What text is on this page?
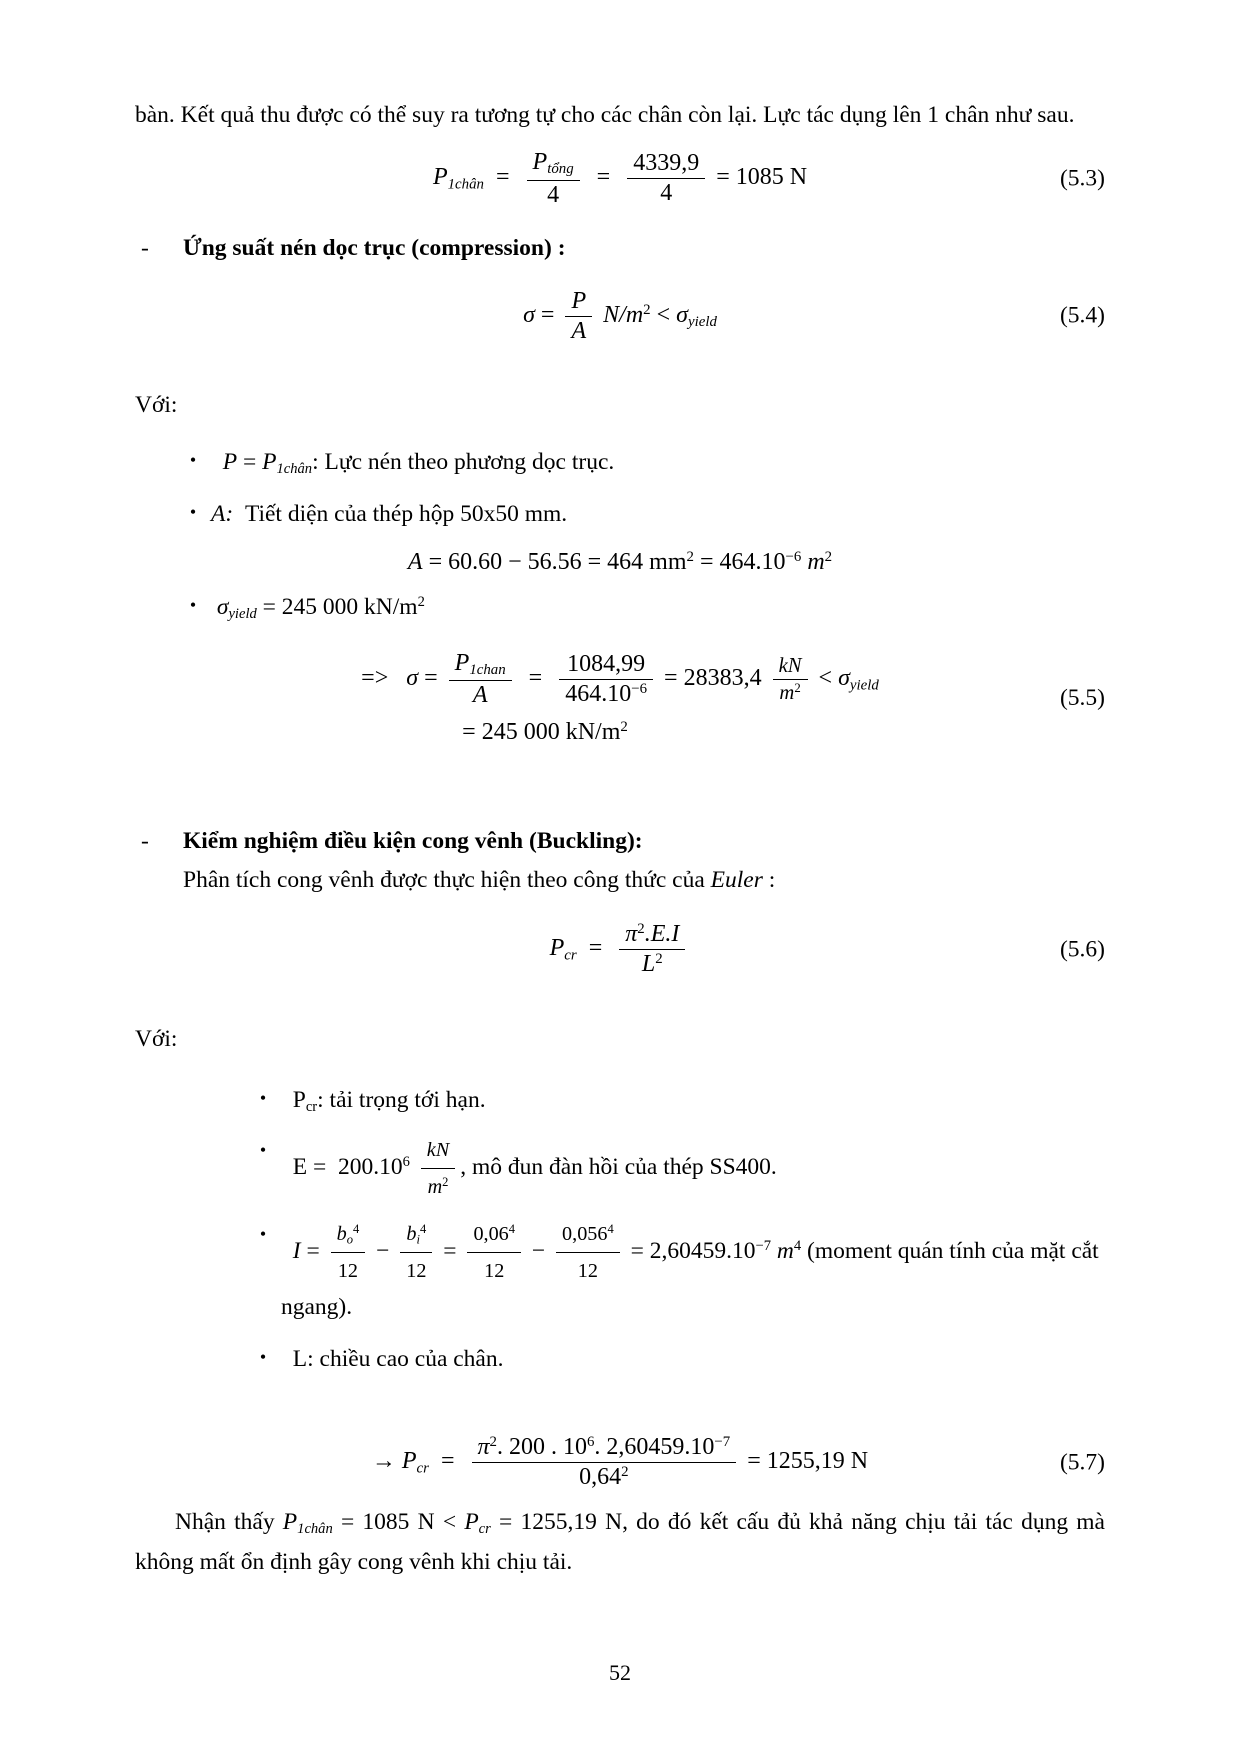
bàn. Kết quả thu được có thể suy ra tương tự cho các chân còn lại. Lực tác dụng lên 1 chân như sau.

$P_{1chân} = \frac{P_{tổng}}{4} = \frac{4339,9}{4} = 1085$ N	(5.3)
-	Ứng suất nén dọc trục (compression) :
$\sigma = \frac{P}{A} N/m^2 < \sigma_{yield}$	(5.4)

Với:

•	$P = P_{1chân}$: Lực nén theo phương dọc trục.
• A: Tiết diện của thép hộp 50x50 mm.
A = 60.60 − 56.56 = 464 $mm^2 = 464.10^{-6}$ $m^2$
• $\sigma_{yield} = 245$ 000 $kN/m^2$
=> $\sigma = \frac{P_{1chan}}{A} = \frac{1084,99}{464.10^{-6}} = 28383,4 \frac{kN}{m^2} < \sigma_{yield}$
= 245 000 $kN/m^2$
(5.5)
-	Kiểm nghiệm điều kiện cong vênh (Buckling):
Phân tích cong vênh được thực hiện theo công thức của Euler :
$P_{cr} = \frac{\pi^2.E.I}{L^2}$	(5.6)

Với:

•	$P_{cr}$: tải trọng tới hạn.
•
$E = 200.10^6 \frac{kN}{m^2}$ , mô đun đàn hồi của thép SS400.
•
$I = \frac{b_o^4}{12} - \frac{b_i^4}{12} = \frac{0,06^4}{12} - \frac{0,056^4}{12} = 2,60459.10^{-7}$ $m^4$ (moment quán tính của mặt cắt ngang).
•	L: chiều cao của chân.
→ $P_{cr} = \frac{\pi^2. 200 . 10^6. 2,60459.10^{-7}}{0,64^2} = 1255,19$ N	(5.7)

Nhận thấy $P_{1chân} = 1085$ $N < P_{cr} = 1255,19$ N, do đó kết cấu đủ khả năng chịu tải tác dụng mà không mất ổn định gây cong vênh khi chịu tải.

52
